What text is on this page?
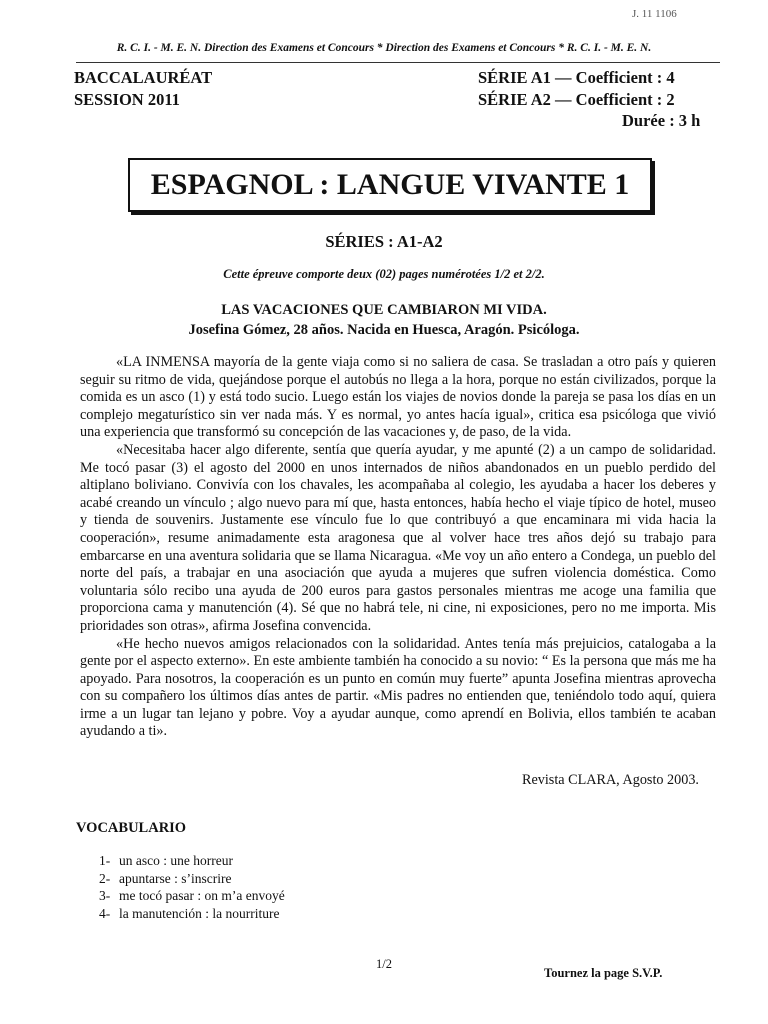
J. 11 1106
R. C. I. - M. E. N. Direction des Examens et Concours * Direction des Examens et Concours * R. C. I. - M. E. N.
BACCALAURÉAT
SESSION 2011
SÉRIE A1 — Coefficient : 4
SÉRIE A2 — Coefficient : 2
Durée : 3 h
ESPAGNOL : LANGUE VIVANTE 1
SÉRIES : A1-A2
Cette épreuve comporte deux (02) pages numérotées 1/2 et 2/2.
LAS VACACIONES QUE CAMBIARON MI VIDA.
Josefina Gómez, 28 años. Nacida en Huesca, Aragón. Psicóloga.

«LA INMENSA mayoría de la gente viaja como si no saliera de casa. Se trasladan a otro país y quieren seguir su ritmo de vida, quejándose porque el autobús no llega a la hora, porque no están civilizados, porque la comida es un asco (1) y está todo sucio. Luego están los viajes de novios donde la pareja se pasa los días en un complejo megaturístico sin ver nada más. Y es normal, yo antes hacía igual», critica esa psicóloga que vivió una experiencia que transformó su concepción de las vacaciones y, de paso, de la vida.

«Necesitaba hacer algo diferente, sentía que quería ayudar, y me apunté (2) a un campo de solidaridad. Me tocó pasar (3) el agosto del 2000 en unos internados de niños abandonados en un pueblo perdido del altiplano boliviano. Convivía con los chavales, les acompañaba al colegio, les ayudaba a hacer los deberes y acabé creando un vínculo ; algo nuevo para mí que, hasta entonces, había hecho el viaje típico de hotel, museo y tienda de souvenirs. Justamente ese vínculo fue lo que contribuyó a que encaminara mi vida hacia la cooperación», resume animadamente esta aragonesa que al volver hace tres años dejó su trabajo para embarcarse en una aventura solidaria que se llama Nicaragua. «Me voy un año entero a Condega, un pueblo del norte del país, a trabajar en una asociación que ayuda a mujeres que sufren violencia doméstica. Como voluntaria sólo recibo una ayuda de 200 euros para gastos personales mientras me acoge una familia que proporciona cama y manutención (4). Sé que no habrá tele, ni cine, ni exposiciones, pero no me importa. Mis prioridades son otras», afirma Josefina convencida.

«He hecho nuevos amigos relacionados con la solidaridad. Antes tenía más prejuicios, catalogaba a la gente por el aspecto externo». En este ambiente también ha conocido a su novio: “ Es la persona que más me ha apoyado. Para nosotros, la cooperación es un punto en común muy fuerte” apunta Josefina mientras aprovecha con su compañero los últimos días antes de partir. «Mis padres no entienden que, teniéndolo todo aquí, quiera irme a un lugar tan lejano y pobre. Voy a ayudar aunque, como aprendí en Bolivia, ellos también te acaban ayudando a ti».

Revista CLARA, Agosto 2003.
VOCABULARIO
1- un asco : une horreur
2- apuntarse : s’inscrire
3- me tocó pasar : on m’a envoyé
4- la manutención : la nourriture
1/2
Tournez la page S.V.P.
